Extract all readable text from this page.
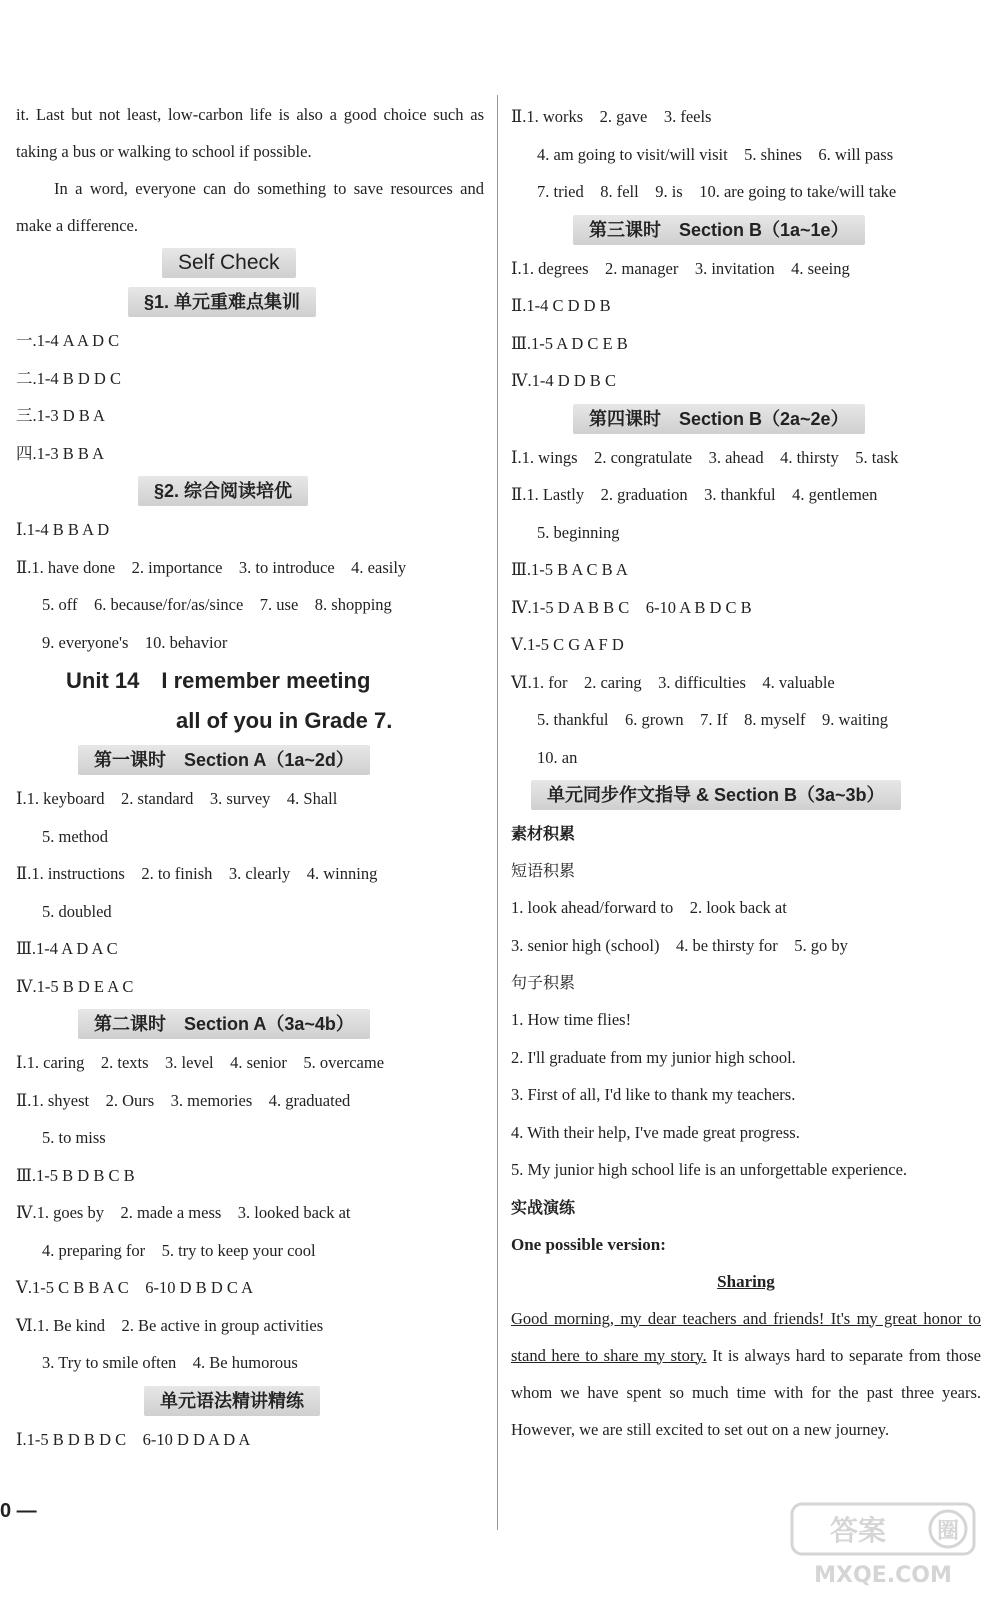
it. Last but not least, low-carbon life is also a good choice such as taking a bus or walking to school if possible.

In a word, everyone can do something to save resources and make a difference.

Self Check
§1. 单元重难点集训
一.1-4 A A D C
二.1-4 B D D C
三.1-3 D B A
四.1-3 B B A
§2. 综合阅读培优
Ⅰ.1-4 B B A D
Ⅱ.1. have done　2. importance　3. to introduce　4. easily
5. off　6. because/for/as/since　7. use　8. shopping
9. everyone's　10. behavior
Unit 14　I remember meeting
all of you in Grade 7.
第一课时　Section A（1a~2d）
Ⅰ.1. keyboard　2. standard　3. survey　4. Shall
5. method
Ⅱ.1. instructions　2. to finish　3. clearly　4. winning
5. doubled
Ⅲ.1-4 A D A C
Ⅳ.1-5 B D E A C
第二课时　Section A（3a~4b）
Ⅰ.1. caring　2. texts　3. level　4. senior　5. overcame
Ⅱ.1. shyest　2. Ours　3. memories　4. graduated
5. to miss
Ⅲ.1-5 B D B C B
Ⅳ.1. goes by　2. made a mess　3. looked back at
4. preparing for　5. try to keep your cool
Ⅴ.1-5 C B B A C　6-10 D B D C A
Ⅵ.1. Be kind　2. Be active in group activities
3. Try to smile often　4. Be humorous
单元语法精讲精练
Ⅰ.1-5 B D B D C　6-10 D D A D A
Ⅱ.1. works　2. gave　3. feels
4. am going to visit/will visit　5. shines　6. will pass
7. tried　8. fell　9. is　10. are going to take/will take
第三课时　Section B（1a~1e）
Ⅰ.1. degrees　2. manager　3. invitation　4. seeing
Ⅱ.1-4 C D D B
Ⅲ.1-5 A D C E B
Ⅳ.1-4 D D B C
第四课时　Section B（2a~2e）
Ⅰ.1. wings　2. congratulate　3. ahead　4. thirsty　5. task
Ⅱ.1. Lastly　2. graduation　3. thankful　4. gentlemen
5. beginning
Ⅲ.1-5 B A C B A
Ⅳ.1-5 D A B B C　6-10 A B D C B
Ⅴ.1-5 C G A F D
Ⅵ.1. for　2. caring　3. difficulties　4. valuable
5. thankful　6. grown　7. If　8. myself　9. waiting
10. an
单元同步作文指导 & Section B（3a~3b）
素材积累
短语积累
1. look ahead/forward to　2. look back at
3. senior high (school)　4. be thirsty for　5. go by
句子积累
1. How time flies!
2. I'll graduate from my junior high school.
3. First of all, I'd like to thank my teachers.
4. With their help, I've made great progress.
5. My junior high school life is an unforgettable experience.
实战演练
One possible version:
Sharing
Good morning, my dear teachers and friends! It's my great honor to stand here to share my story. It is always hard to separate from those whom we have spent so much time with for the past three years. However, we are still excited to set out on a new journey.
0 —
答案 圈
MXQE.COM
